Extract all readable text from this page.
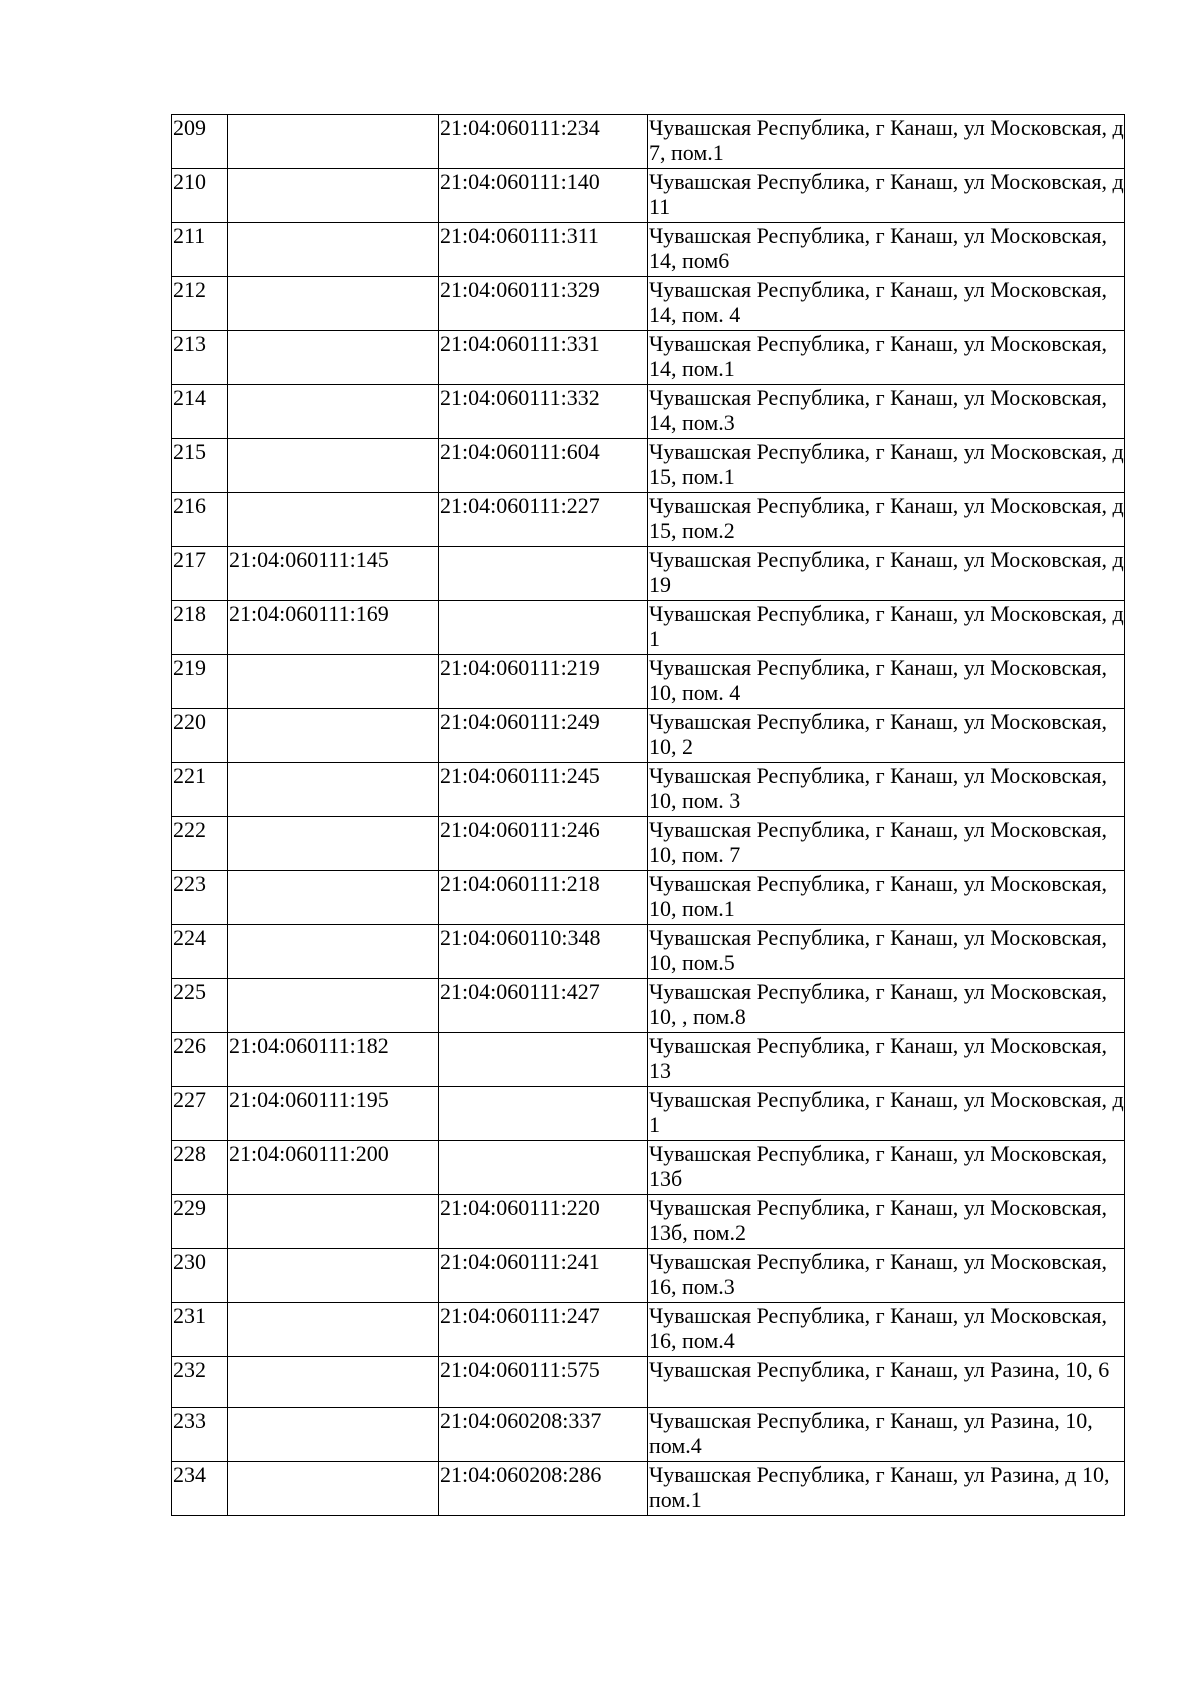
209		21:04:060111:234	Чувашская Республика, г Канаш, ул Московская, д 7, пом.1
210		21:04:060111:140	Чувашская Республика, г Канаш, ул Московская, д 11
211		21:04:060111:311	Чувашская Республика, г Канаш, ул Московская, 14, пом6
212		21:04:060111:329	Чувашская Республика, г Канаш, ул Московская, 14, пом. 4
213		21:04:060111:331	Чувашская Республика, г Канаш, ул Московская, 14, пом.1
214		21:04:060111:332	Чувашская Республика, г Канаш, ул Московская, 14, пом.3
215		21:04:060111:604	Чувашская Республика, г Канаш, ул Московская, д 15, пом.1
216		21:04:060111:227	Чувашская Республика, г Канаш, ул Московская, д 15, пом.2
217	21:04:060111:145		Чувашская Республика, г Канаш, ул Московская, д 19
218	21:04:060111:169		Чувашская Республика, г Канаш, ул Московская, д 1
219		21:04:060111:219	Чувашская Республика, г Канаш, ул Московская, 10, пом. 4
220		21:04:060111:249	Чувашская Республика, г Канаш, ул Московская, 10, 2
221		21:04:060111:245	Чувашская Республика, г Канаш, ул Московская, 10, пом. 3
222		21:04:060111:246	Чувашская Республика, г Канаш, ул Московская, 10, пом. 7
223		21:04:060111:218	Чувашская Республика, г Канаш, ул Московская, 10, пом.1
224		21:04:060110:348	Чувашская Республика, г Канаш, ул Московская, 10, пом.5
225		21:04:060111:427	Чувашская Республика, г Канаш, ул Московская, 10, , пом.8
226	21:04:060111:182		Чувашская Республика, г Канаш, ул Московская, 13
227	21:04:060111:195		Чувашская Республика, г Канаш, ул Московская, д 1
228	21:04:060111:200		Чувашская Республика, г Канаш, ул Московская, 13б
229		21:04:060111:220	Чувашская Республика, г Канаш, ул Московская, 13б, пом.2
230		21:04:060111:241	Чувашская Республика, г Канаш, ул Московская, 16, пом.3
231		21:04:060111:247	Чувашская Республика, г Канаш, ул Московская, 16, пом.4
232		21:04:060111:575	Чувашская Республика, г Канаш, ул Разина, 10, 6
233		21:04:060208:337	Чувашская Республика, г Канаш, ул Разина, 10, пом.4
234		21:04:060208:286	Чувашская Республика, г Канаш, ул Разина, д 10, пом.1
